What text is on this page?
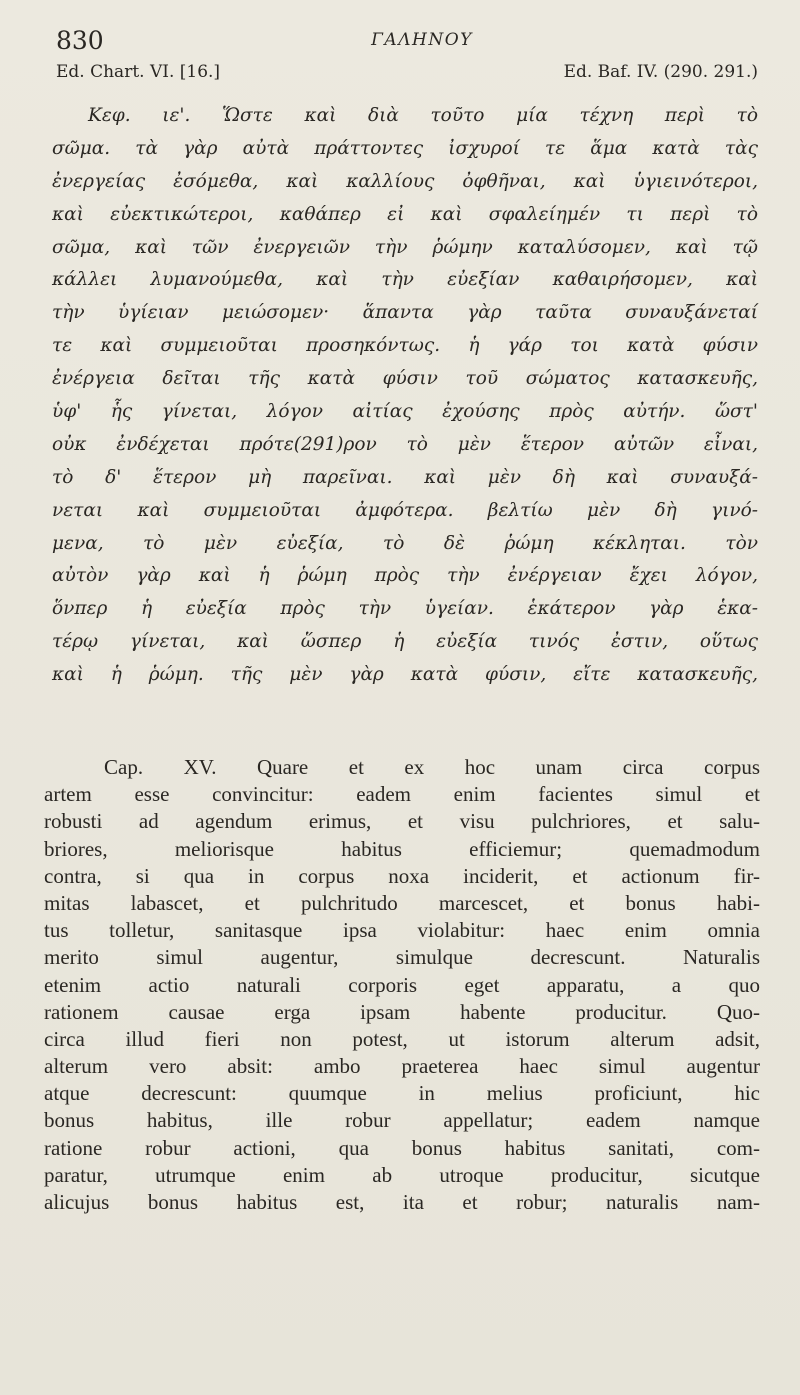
830	ΓΑΛΗΝΟΥ
Ed. Chart. VI. [16.]	Ed. Baf. IV. (290. 291.)
Κεφ. ιε'. Ὥστε καὶ διὰ τοῦτο μία τέχνη περὶ τὸ
σῶμα. τὰ γὰρ αὐτὰ πράττοντες ἰσχυροί τε ἅμα κατὰ τὰς
ἐνεργείας ἐσόμεθα, καὶ καλλίους ὀφθῆναι, καὶ ὑγιεινότεροι,
καὶ εὐεκτικώτεροι, καθάπερ εἰ καὶ σφαλείημέν τι περὶ τὸ
σῶμα, καὶ τῶν ἐνεργειῶν τὴν ῥώμην καταλύσομεν, καὶ τῷ
κάλλει λυμανούμεθα, καὶ τὴν εὐεξίαν καθαιρήσομεν, καὶ
τὴν ὑγίειαν μειώσομεν· ἅπαντα γὰρ ταῦτα συναυξάνεταί
τε καὶ συμμειοῦται προσηκόντως. ἡ γάρ τοι κατὰ φύσιν
ἐνέργεια δεῖται τῆς κατὰ φύσιν τοῦ σώματος κατασκευῆς,
ὑφ' ἧς γίνεται, λόγον αἰτίας ἐχούσης πρὸς αὐτήν. ὥστ'
οὐκ ἐνδέχεται πρότε(291)ρον τὸ μὲν ἕτερον αὐτῶν εἶναι,
τὸ δ' ἕτερον μὴ παρεῖναι. καὶ μὲν δὴ καὶ συναυξά-
νεται καὶ συμμειοῦται ἀμφότερα. βελτίω μὲν δὴ γινό-
μενα, τὸ μὲν εὐεξία, τὸ δὲ ῥώμη κέκληται. τὸν
αὐτὸν γὰρ καὶ ἡ ῥώμη πρὸς τὴν ἐνέργειαν ἔχει λόγον,
ὅνπερ ἡ εὐεξία πρὸς τὴν ὑγείαν. ἑκάτερον γὰρ ἑκα-
τέρῳ γίνεται, καὶ ὥσπερ ἡ εὐεξία τινός ἐστιν, οὕτως
καὶ ἡ ῥώμη. τῆς μὲν γὰρ κατὰ φύσιν, εἴτε κατασκευῆς,
Cap. XV. Quare et ex hoc unam circa corpus
artem esse convincitur: eadem enim facientes simul et
robusti ad agendum erimus, et visu pulchriores, et salu-
briores, meliorisque habitus efficiemur; quemadmodum
contra, si qua in corpus noxa inciderit, et actionum fir-
mitas labascet, et pulchritudo marcescet, et bonus habi-
tus tolletur, sanitasque ipsa violabitur: haec enim omnia
merito simul augentur, simulque decrescunt. Naturalis
etenim actio naturali corporis eget apparatu, a quo
rationem causae erga ipsam habente producitur. Quo-
circa illud fieri non potest, ut istorum alterum adsit,
alterum vero absit: ambo praeterea haec simul augentur
atque decrescunt: quumque in melius proficiunt, hic
bonus habitus, ille robur appellatur; eadem namque
ratione robur actioni, qua bonus habitus sanitati, com-
paratur, utrumque enim ab utroque producitur, sicutque
alicujus bonus habitus est, ita et robur; naturalis nam-
